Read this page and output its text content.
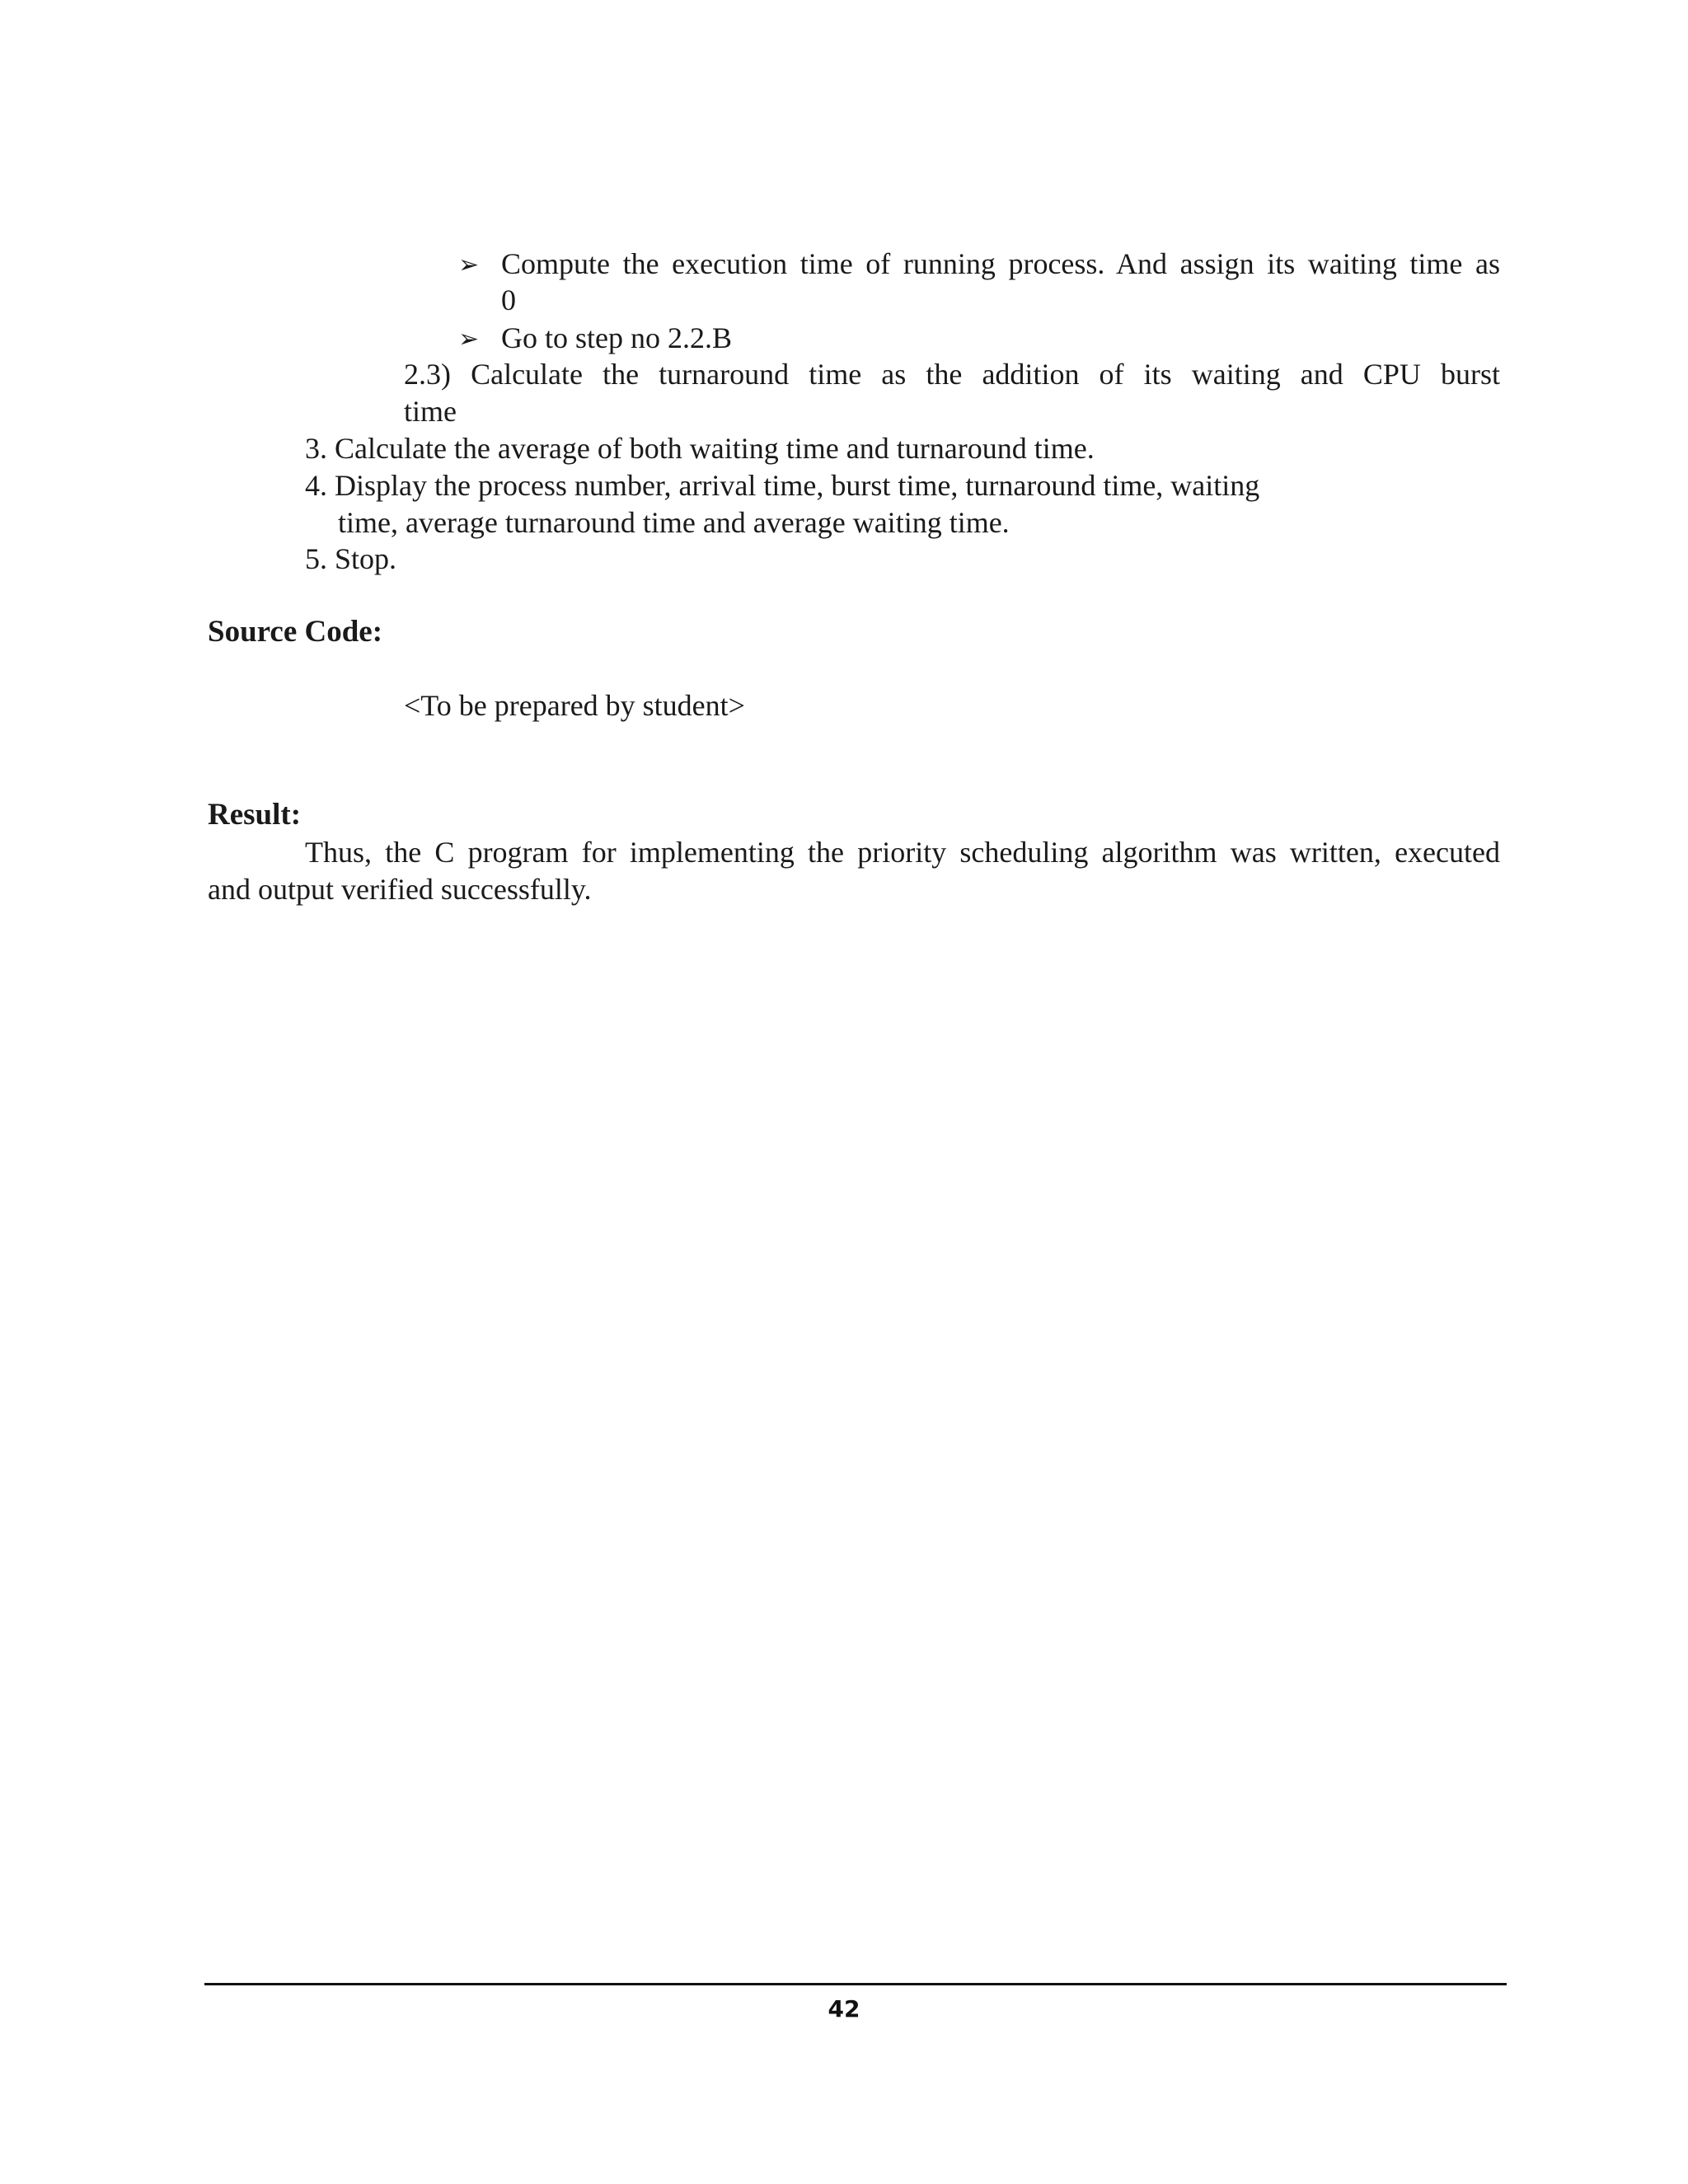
➢ Compute the execution time of running process. And assign its waiting time as
0
➢ Go to step no 2.2.B
2.3) Calculate the turnaround time as the addition of its waiting and CPU burst
time
3. Calculate the average of both waiting time and turnaround time.
4. Display the process number, arrival time, burst time, turnaround time, waiting
time, average turnaround time and average waiting time.
5. Stop.
Source Code:
<To be prepared by student>
Result:
Thus, the C program for implementing the priority scheduling algorithm was written, executed
and output verified successfully.
42
